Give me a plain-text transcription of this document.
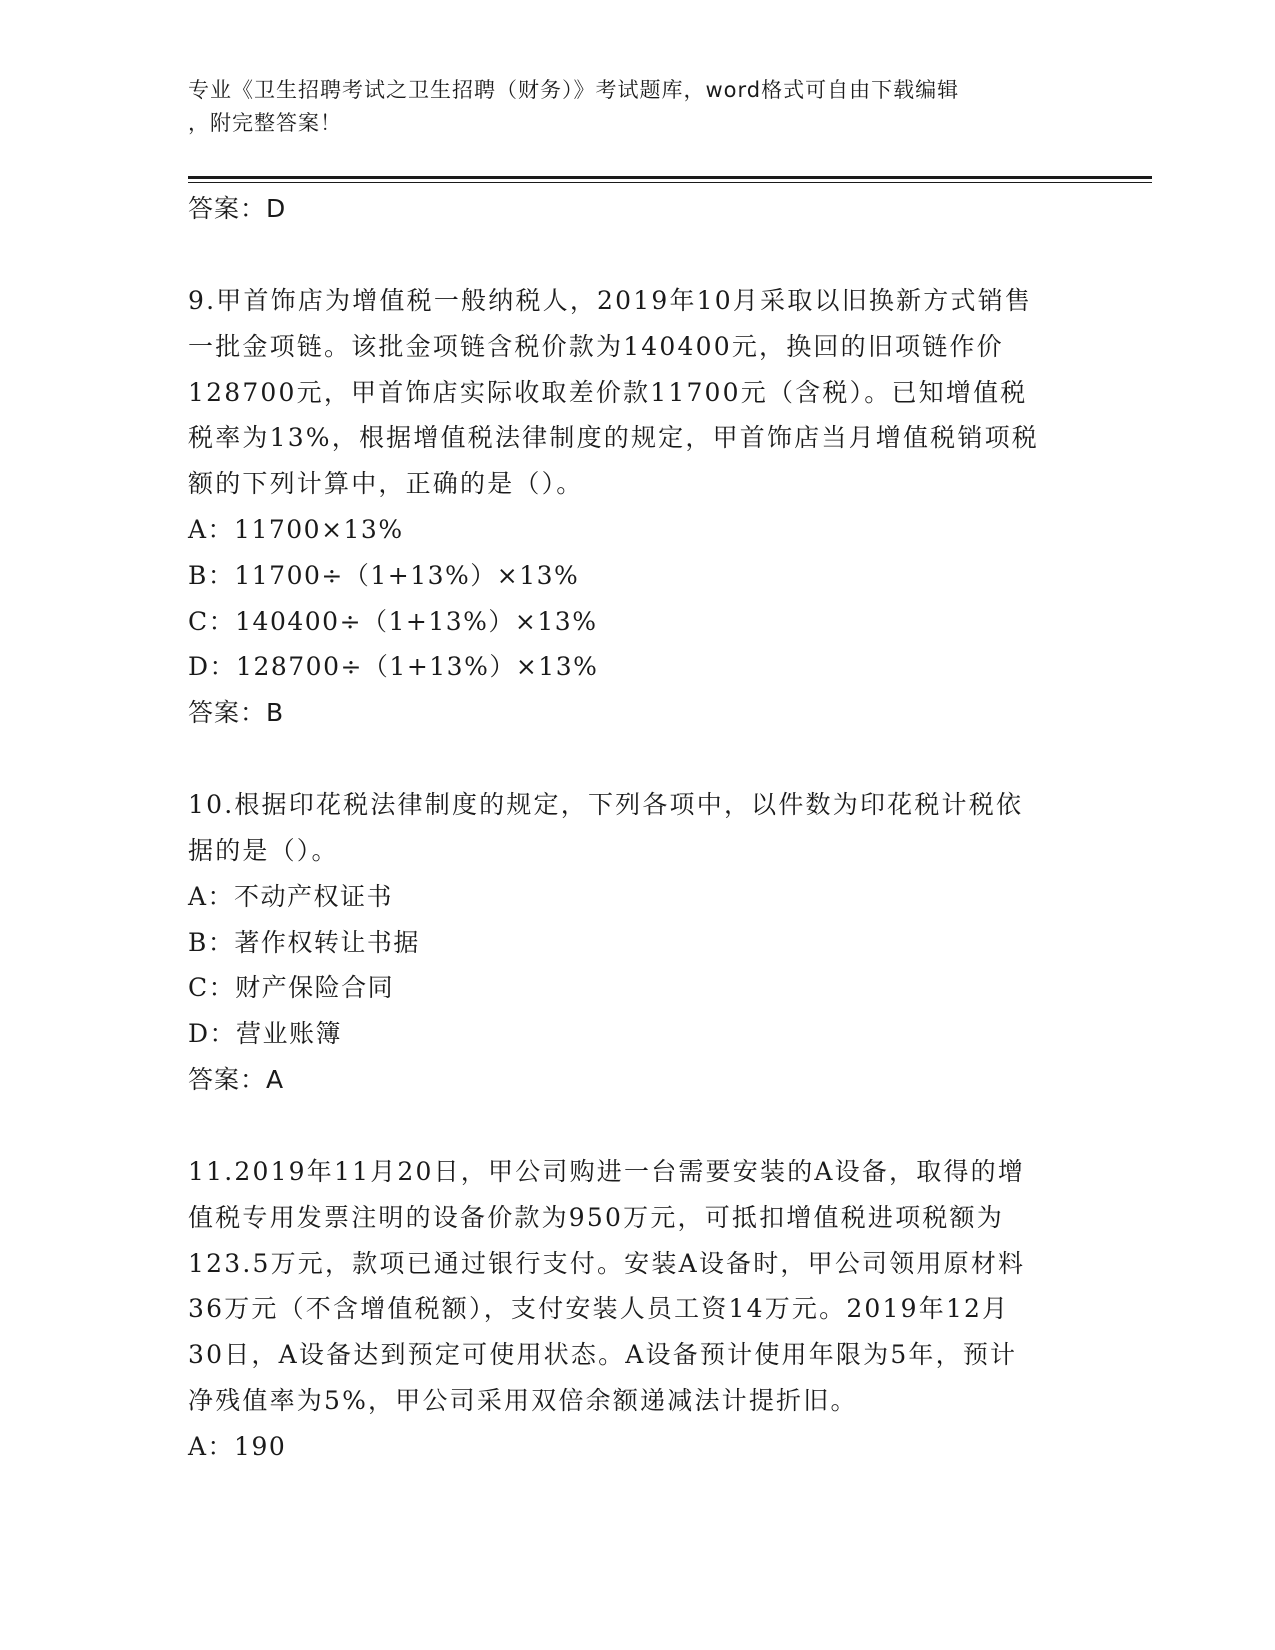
专业《卫生招聘考试之卫生招聘（财务）》考试题库，word格式可自由下载编辑
，附完整答案！
答案：D
9.甲首饰店为增值税一般纳税人，2019年10月采取以旧换新方式销售
一批金项链。该批金项链含税价款为140400元，换回的旧项链作价
128700元，甲首饰店实际收取差价款11700元（含税）。已知增值税
税率为13%，根据增值税法律制度的规定，甲首饰店当月增值税销项税
额的下列计算中，正确的是（）。
A：11700×13%
B：11700÷（1+13%）×13%
C：140400÷（1+13%）×13%
D：128700÷（1+13%）×13%
答案：B
10.根据印花税法律制度的规定，下列各项中，以件数为印花税计税依
据的是（）。
A：不动产权证书
B：著作权转让书据
C：财产保险合同
D：营业账簿
答案：A
11.2019年11月20日，甲公司购进一台需要安装的A设备，取得的增
值税专用发票注明的设备价款为950万元，可抵扣增值税进项税额为
123.5万元，款项已通过银行支付。安装A设备时，甲公司领用原材料
36万元（不含增值税额），支付安装人员工资14万元。2019年12月
30日，A设备达到预定可使用状态。A设备预计使用年限为5年，预计
净残值率为5%，甲公司采用双倍余额递减法计提折旧。
A：190
